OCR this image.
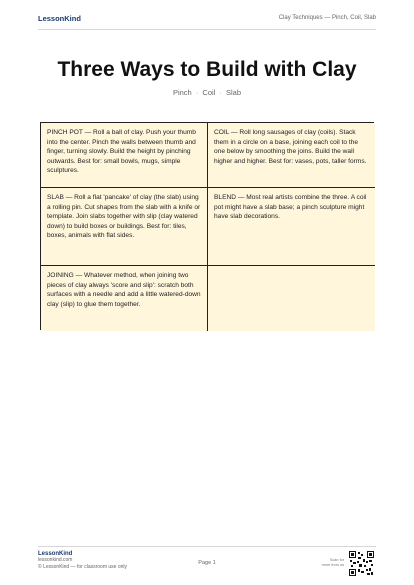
LessonKind	Clay Techniques — Pinch, Coil, Slab
Three Ways to Build with Clay
Pinch · Coil · Slab
PINCH POT — Roll a ball of clay. Push your thumb into the center. Pinch the walls between thumb and finger, turning slowly. Build the height by pinching outwards. Best for: small bowls, mugs, simple sculptures.
COIL — Roll long sausages of clay (coils). Stack them in a circle on a base, joining each coil to the one below by smoothing the joins. Build the wall higher and higher. Best for: vases, pots, taller forms.
SLAB — Roll a flat 'pancake' of clay (the slab) using a rolling pin. Cut shapes from the slab with a knife or template. Join slabs together with slip (clay watered down) to build boxes or buildings. Best for: tiles, boxes, animals with flat sides.
BLEND — Most real artists combine the three. A coil pot might have a slab base; a pinch sculpture might have slab decorations.
JOINING — Whatever method, when joining two pieces of clay always 'score and slip': scratch both surfaces with a needle and add a little watered-down clay (slip) to glue them together.
LessonKind
lessonkind.com
© LessonKind — for classroom use only
Page 1	Scan for
more from us
